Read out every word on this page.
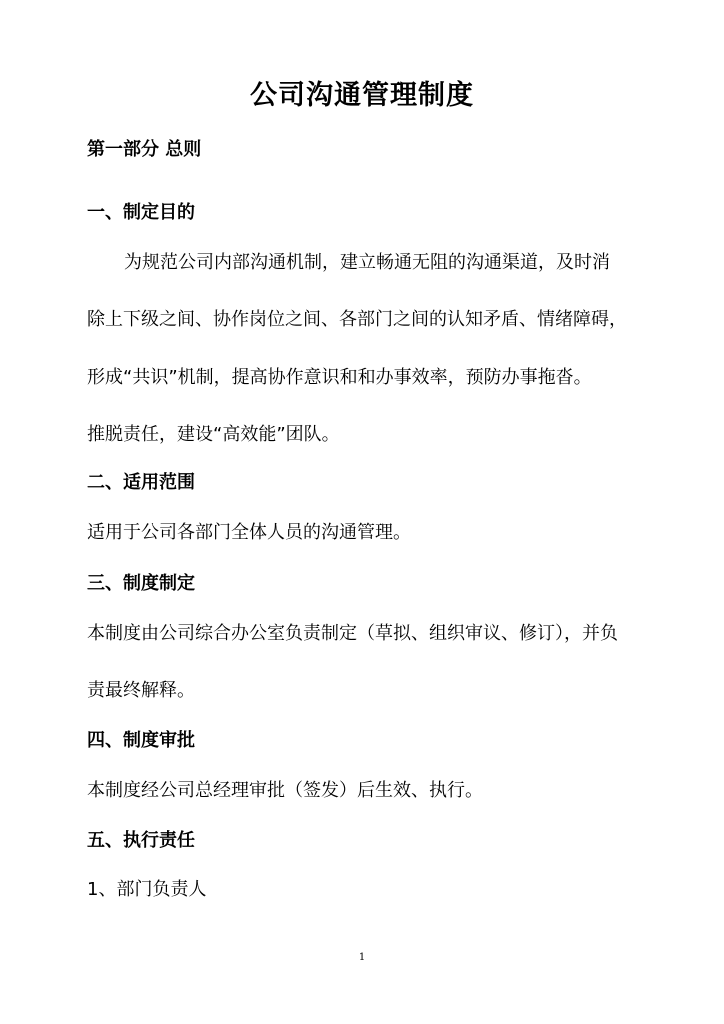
公司沟通管理制度
第一部分 总则
一、制定目的
为规范公司内部沟通机制，建立畅通无阻的沟通渠道，及时消
除上下级之间、协作岗位之间、各部门之间的认知矛盾、情绪障碍，
形成“共识”机制，提高协作意识和和办事效率，预防办事拖沓。
推脱责任，建设“高效能”团队。
二、适用范围
适用于公司各部门全体人员的沟通管理。
三、制度制定
本制度由公司综合办公室负责制定（草拟、组织审议、修订），并负
责最终解释。
四、制度审批
本制度经公司总经理审批（签发）后生效、执行。
五、执行责任
1、部门负责人
1
